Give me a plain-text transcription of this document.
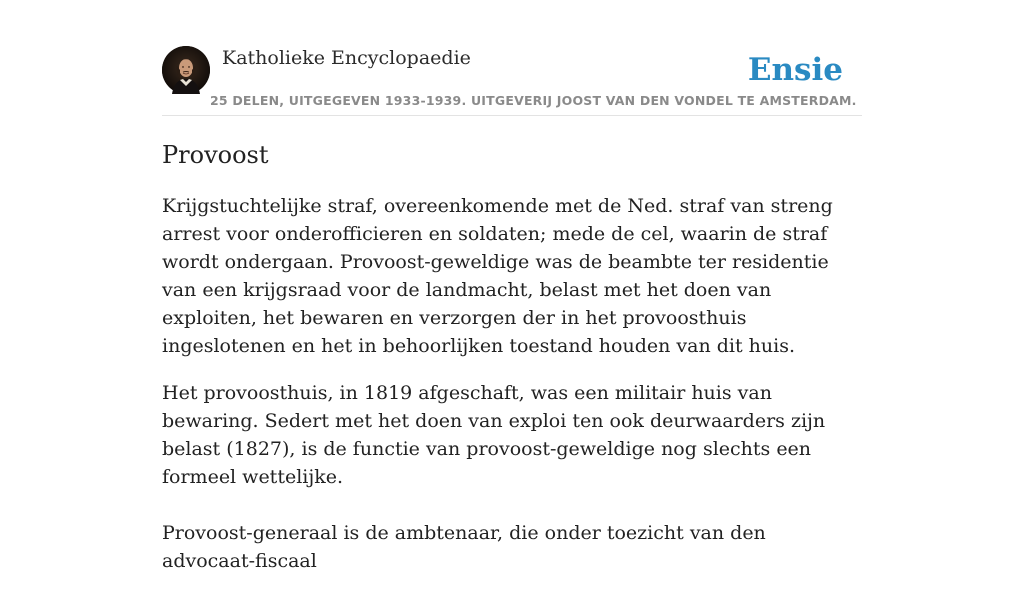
Katholieke Encyclopaedie
25 DELEN, UITGEGEVEN 1933-1939. UITGEVERIJ JOOST VAN DEN VONDEL TE AMSTERDAM.
Ensie
Provoost

Krijgstuchtelijke straf, overeenkomende met de Ned. straf van streng arrest voor onderofficieren en soldaten; mede de cel, waarin de straf wordt ondergaan. Provoost-geweldige was de beambte ter residentie van een krijgsraad voor de landmacht, belast met het doen van exploiten, het bewaren en verzorgen der in het provoosthuis ingeslotenen en het in behoorlijken toestand houden van dit huis.

Het provoosthuis, in 1819 afgeschaft, was een militair huis van bewaring. Sedert met het doen van exploi ten ook deurwaarders zijn belast (1827), is de functie van provoost-geweldige nog slechts een formeel wettelijke.

Provoost-generaal is de ambtenaar, die onder toezicht van den advocaat-fiscaal
